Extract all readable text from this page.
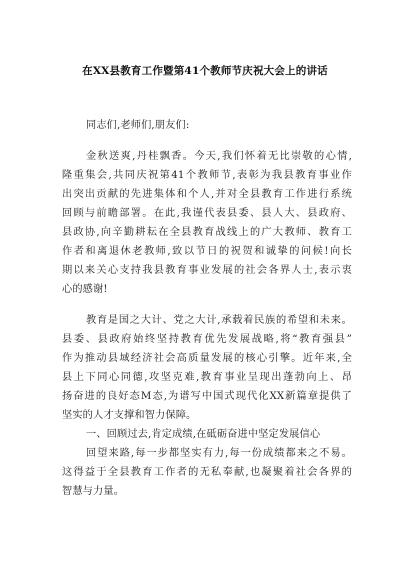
在XX县教育工作暨第41个教师节庆祝大会上的讲话
同志们,老师们,朋友们:
金秋送爽,丹桂飘香。今天,我们怀着无比崇敬的心情,
隆重集会,共同庆祝第41个教师节,表彰为我县教育事业作
出突出贡献的先进集体和个人,并对全县教育工作进行系统
回顾与前瞻部署。在此,我谨代表县委、县人大、县政府、
县政协,向辛勤耕耘在全县教育战线上的广大教师、教育工
作者和离退休老教师,致以节日的祝贺和诚挚的问候!向长
期以来关心支持我县教育事业发展的社会各界人士,表示衷
心的感谢!
教育是国之大计、党之大计,承载着民族的希望和未来。
县委、县政府始终坚持教育优先发展战略,将“教育强县”
作为推动县域经济社会高质量发展的核心引擎。近年来,全
县上下同心同德,攻坚克难,教育事业呈现出蓬勃向上、昂
扬奋进的良好态M态,为谱写中国式现代化XX新篇章提供了
坚实的人才支撑和智力保障。
一、回顾过去,肯定成绩,在砥砺奋进中坚定发展信心
回望来路,每一步都坚实有力,每一份成绩都来之不易。
这得益于全县教育工作者的无私奉献,也凝聚着社会各界的
智慧与力量。
